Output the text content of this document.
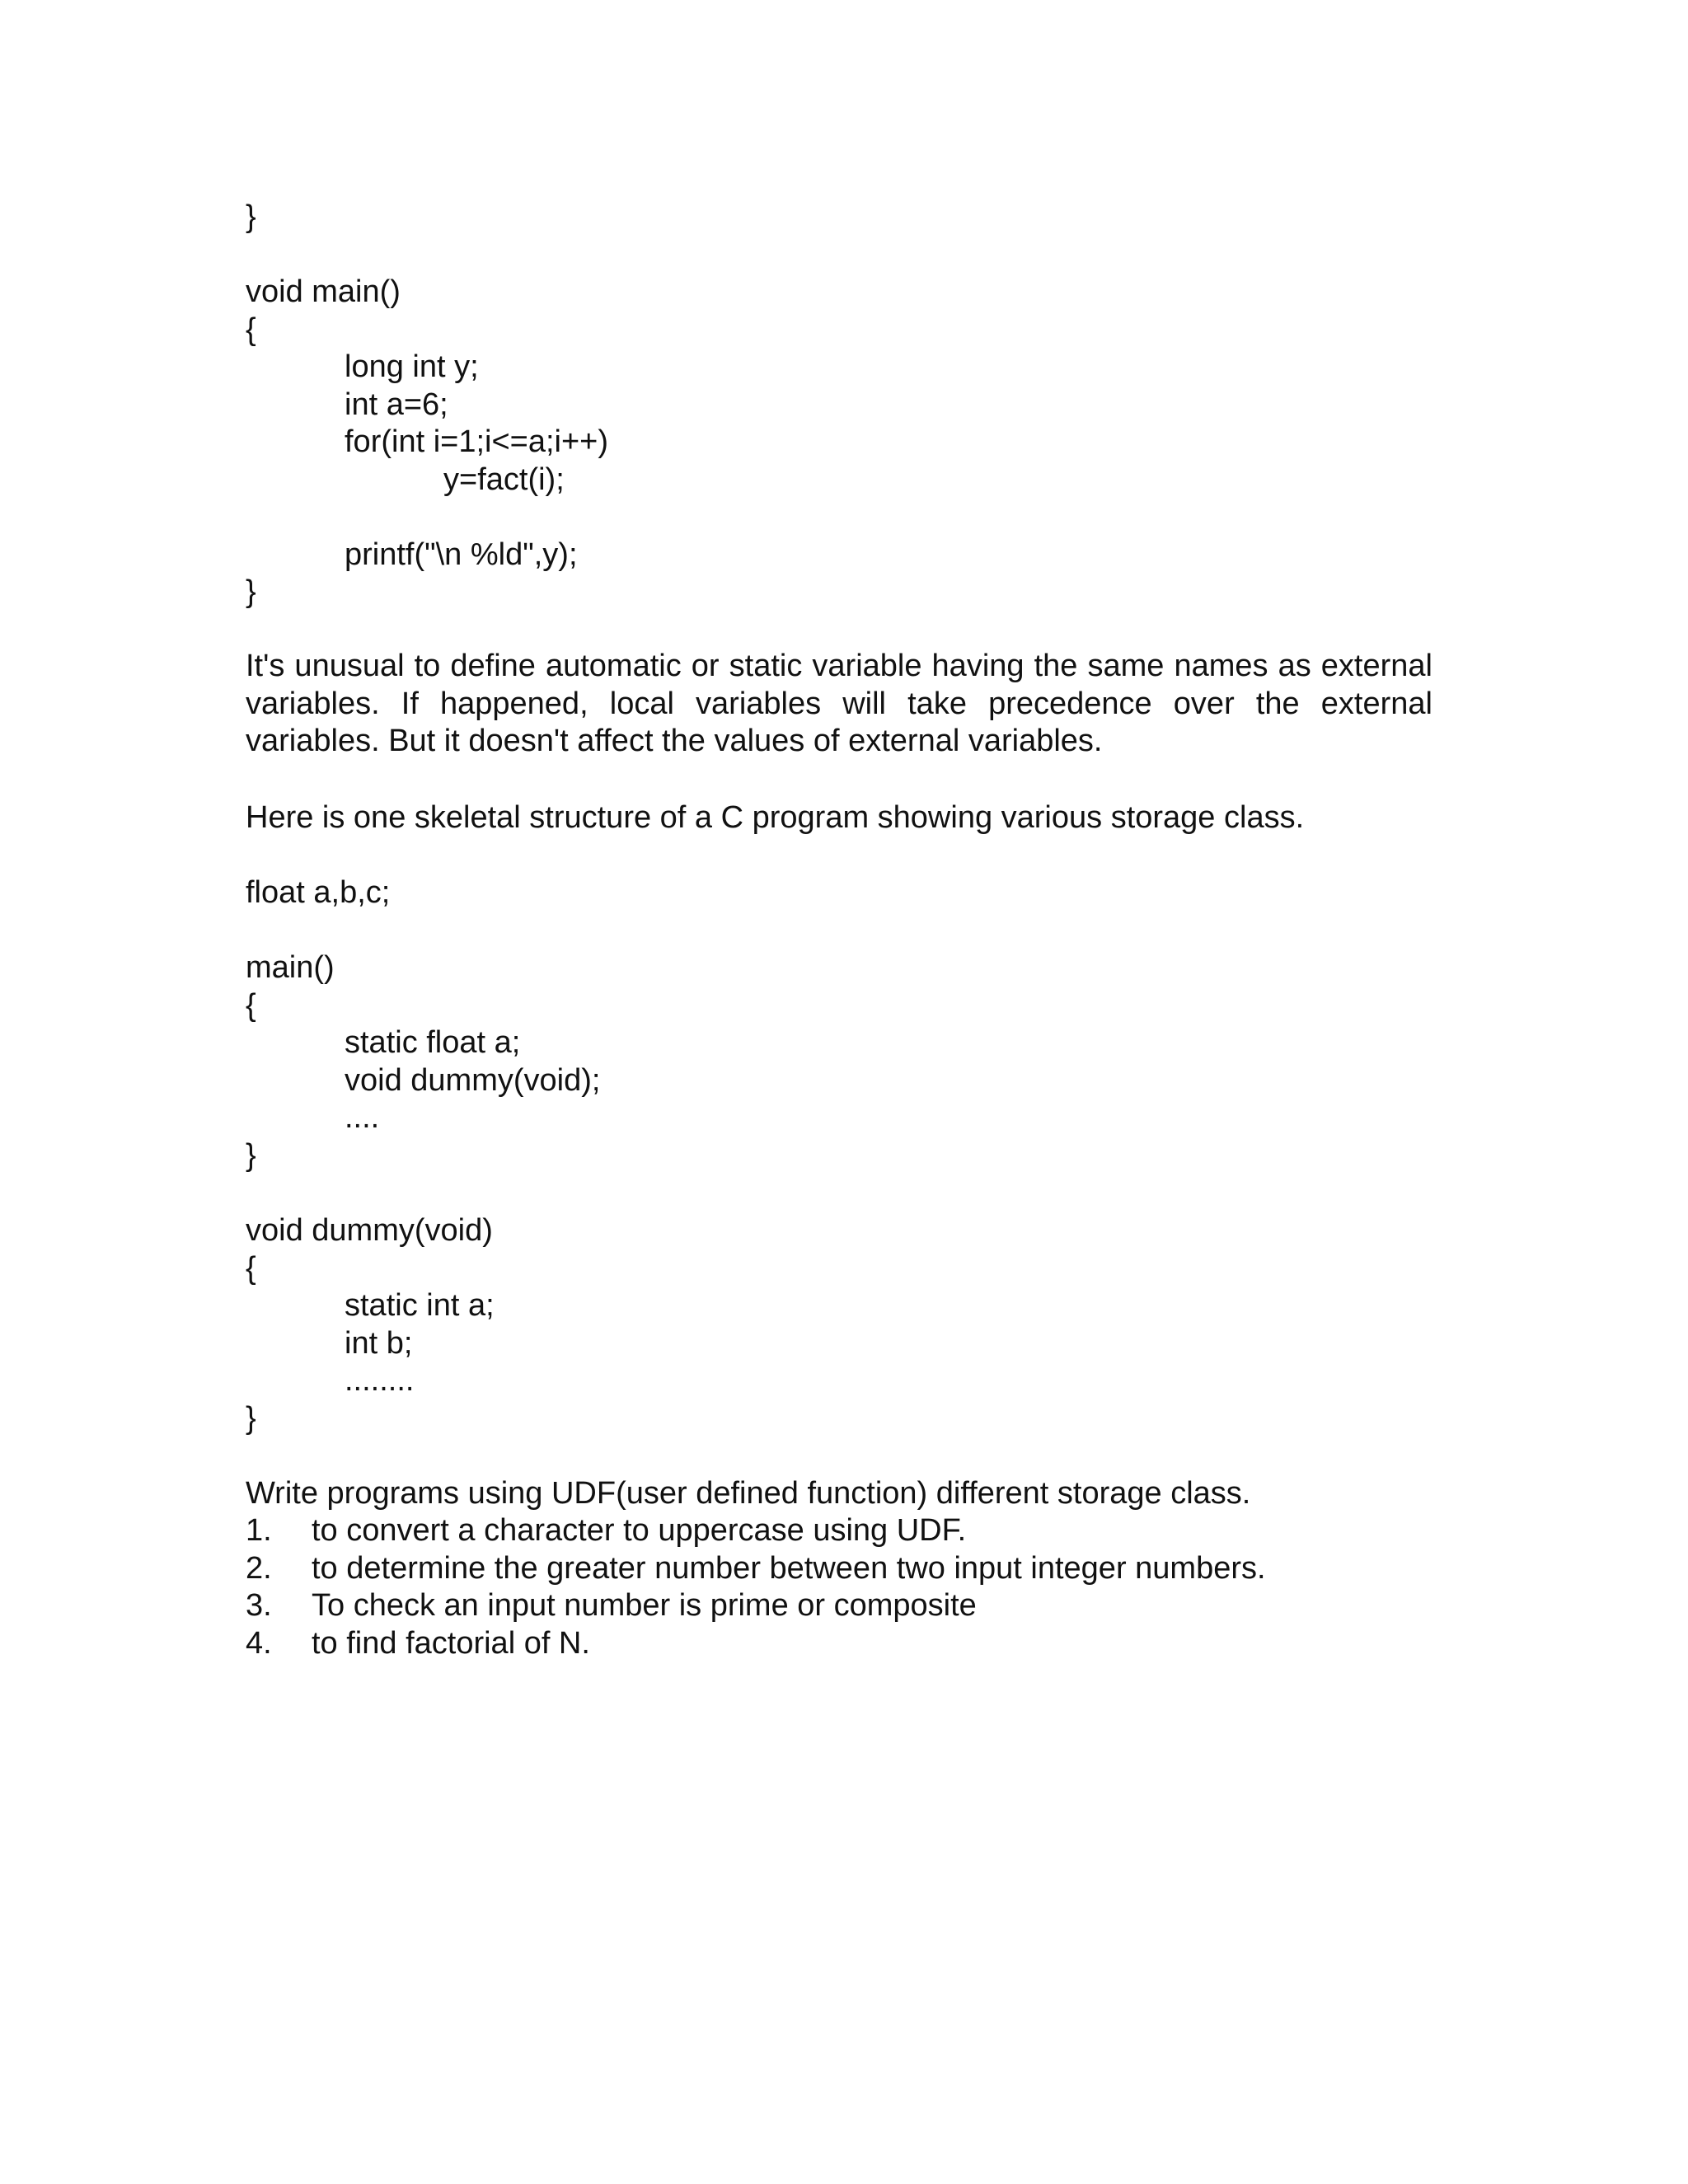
}
void main()
{
long int y;
int a=6;
for(int i=1;i<=a;i++)
y=fact(i);
printf("\n %ld",y);
}
It's unusual to define automatic or static variable having the same names as external variables. If happened, local variables will take precedence over the external variables. But it doesn't affect the values of external variables.
Here is one skeletal structure of a C program showing various storage class.
float a,b,c;
main()
{
static float a;
void dummy(void);
....
}
void dummy(void)
{
static int a;
int b;
........
}
Write programs using UDF(user defined function) different storage class.
1. to convert a character to uppercase using UDF.
2. to determine the greater number between two input integer numbers.
3. To check an input number is prime or composite
4. to find factorial of N.
